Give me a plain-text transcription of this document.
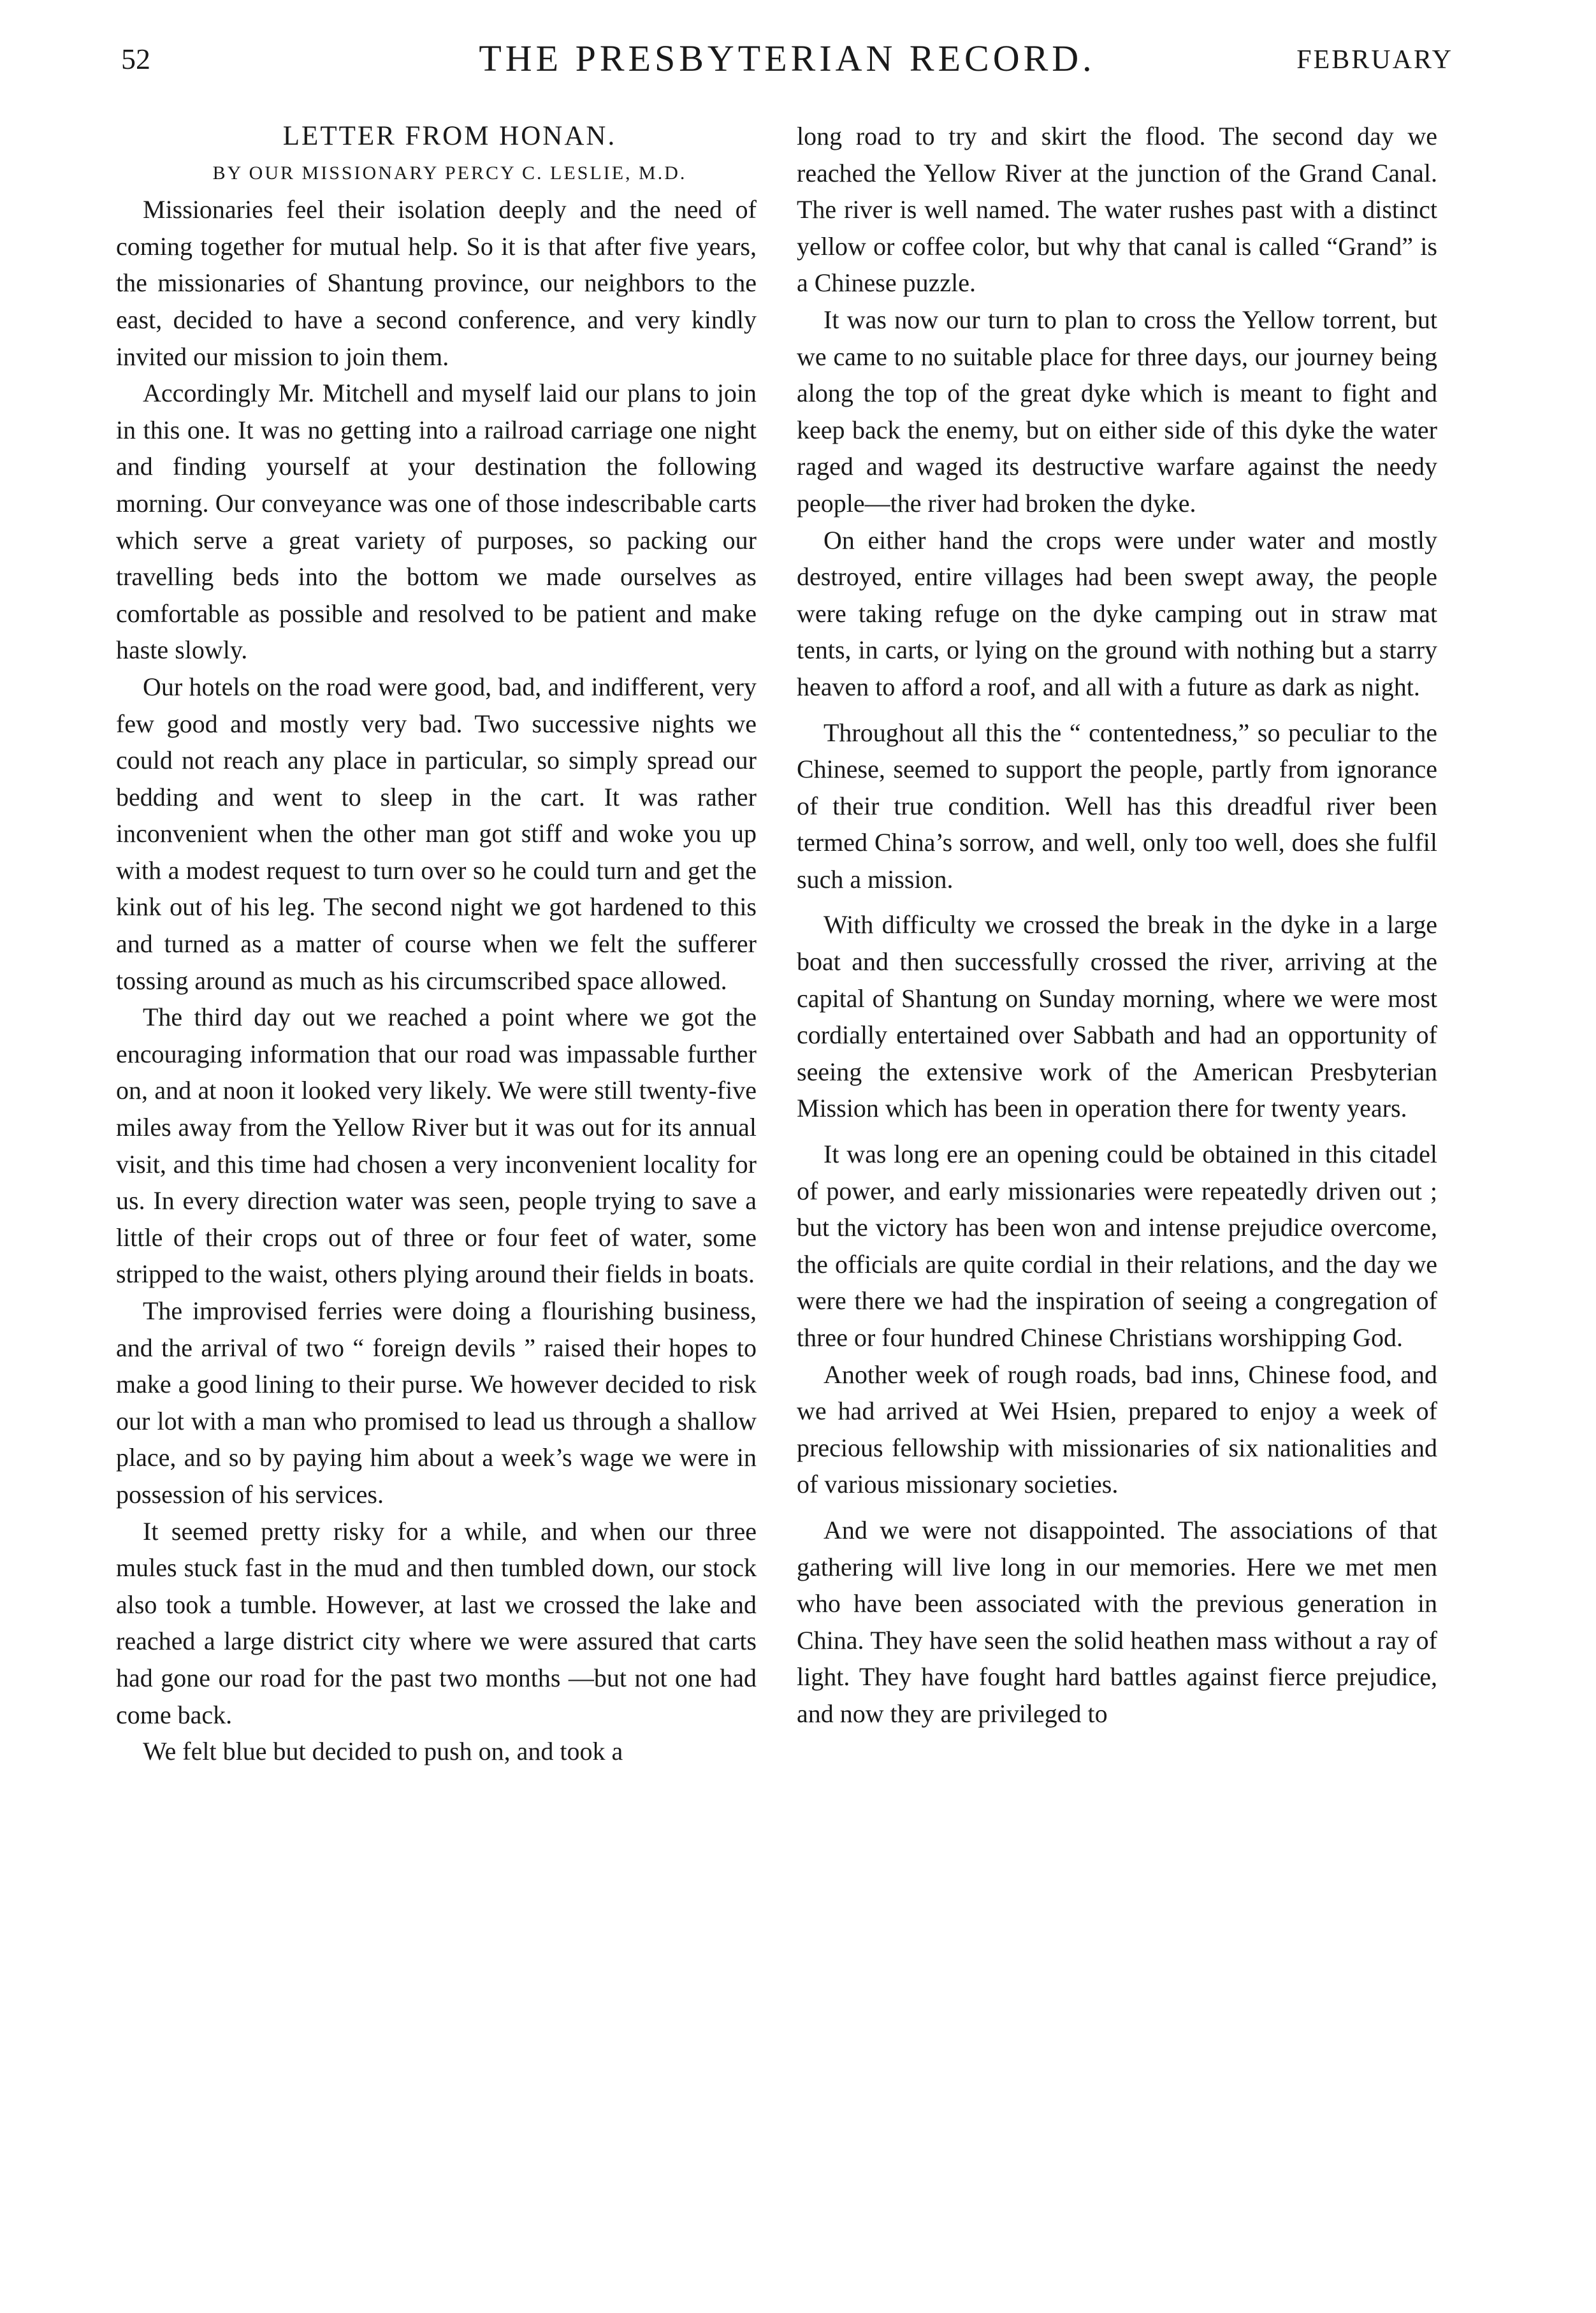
52	THE PRESBYTERIAN RECORD.	FEBRUARY

LETTER FROM HONAN.

BY OUR MISSIONARY PERCY C. LESLIE, M.D.

Missionaries feel their isolation deeply and the need of coming together for mutual help. So it is that after five years, the missionaries of Shantung province, our neighbors to the east, decided to have a second conference, and very kindly invited our mission to join them.

Accordingly Mr. Mitchell and myself laid our plans to join in this one. It was no getting into a railroad carriage one night and finding yourself at your destination the following morning. Our conveyance was one of those indescribable carts which serve a great variety of purposes, so packing our travelling beds into the bottom we made ourselves as comfortable as possible and resolved to be patient and make haste slowly.

Our hotels on the road were good, bad, and indifferent, very few good and mostly very bad. Two successive nights we could not reach any place in particular, so simply spread our bedding and went to sleep in the cart. It was rather inconvenient when the other man got stiff and woke you up with a modest request to turn over so he could turn and get the kink out of his leg. The second night we got hardened to this and turned as a matter of course when we felt the sufferer tossing around as much as his circumscribed space allowed.

The third day out we reached a point where we got the encouraging information that our road was impassable further on, and at noon it looked very likely. We were still twenty-five miles away from the Yellow River but it was out for its annual visit, and this time had chosen a very inconvenient locality for us. In every direction water was seen, people trying to save a little of their crops out of three or four feet of water, some stripped to the waist, others plying around their fields in boats.

The improvised ferries were doing a flourishing business, and the arrival of two “ foreign devils ” raised their hopes to make a good lining to their purse. We however decided to risk our lot with a man who promised to lead us through a shallow place, and so by paying him about a week’s wage we were in possession of his services.

It seemed pretty risky for a while, and when our three mules stuck fast in the mud and then tumbled down, our stock also took a tumble. However, at last we crossed the lake and reached a large district city where we were assured that carts had gone our road for the past two months —but not one had come back.

We felt blue but decided to push on, and took a

long road to try and skirt the flood. The second day we reached the Yellow River at the junction of the Grand Canal. The river is well named. The water rushes past with a distinct yellow or coffee color, but why that canal is called “Grand” is a Chinese puzzle.

It was now our turn to plan to cross the Yellow torrent, but we came to no suitable place for three days, our journey being along the top of the great dyke which is meant to fight and keep back the enemy, but on either side of this dyke the water raged and waged its destructive warfare against the needy people—the river had broken the dyke.

On either hand the crops were under water and mostly destroyed, entire villages had been swept away, the people were taking refuge on the dyke camping out in straw mat tents, in carts, or lying on the ground with nothing but a starry heaven to afford a roof, and all with a future as dark as night.

Throughout all this the “ contentedness,” so peculiar to the Chinese, seemed to support the people, partly from ignorance of their true condition. Well has this dreadful river been termed China’s sorrow, and well, only too well, does she fulfil such a mission.

With difficulty we crossed the break in the dyke in a large boat and then successfully crossed the river, arriving at the capital of Shantung on Sunday morning, where we were most cordially entertained over Sabbath and had an opportunity of seeing the extensive work of the American Presbyterian Mission which has been in operation there for twenty years.

It was long ere an opening could be obtained in this citadel of power, and early missionaries were repeatedly driven out ; but the victory has been won and intense prejudice overcome, the officials are quite cordial in their relations, and the day we were there we had the inspiration of seeing a congregation of three or four hundred Chinese Christians worshipping God.

Another week of rough roads, bad inns, Chinese food, and we had arrived at Wei Hsien, prepared to enjoy a week of precious fellowship with missionaries of six nationalities and of various missionary societies.

And we were not disappointed. The associations of that gathering will live long in our memories. Here we met men who have been associated with the previous generation in China. They have seen the solid heathen mass without a ray of light. They have fought hard battles against fierce prejudice, and now they are privileged to
